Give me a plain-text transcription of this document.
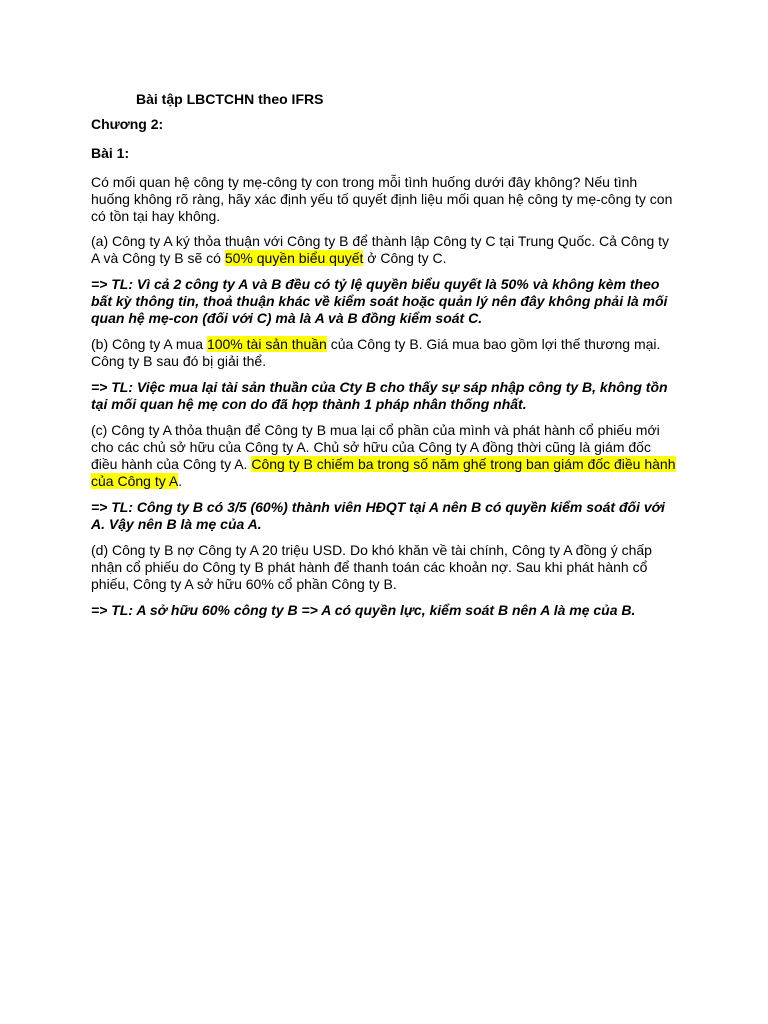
Bài tập LBCTCHN theo IFRS
Chương 2:
Bài 1:

Có mối quan hệ công ty mẹ-công ty con trong mỗi tình huống dưới đây không? Nếu tình huống không rõ ràng, hãy xác định yếu tố quyết định liệu mối quan hệ công ty mẹ-công ty con có tồn tại hay không.

(a) Công ty A ký thỏa thuận với Công ty B để thành lập Công ty C tại Trung Quốc. Cả Công ty A và Công ty B sẽ có 50% quyền biểu quyết ở Công ty C.

=> TL: Vì cả 2 công ty A và B đều có tỷ lệ quyền biểu quyết là 50% và không kèm theo bất kỳ thông tin, thoả thuận khác về kiểm soát hoặc quản lý nên đây không phải là mối quan hệ mẹ-con (đối với C) mà là A và B đồng kiểm soát C.

(b) Công ty A mua 100% tài sản thuần của Công ty B. Giá mua bao gồm lợi thế thương mại. Công ty B sau đó bị giải thể.

=> TL: Việc mua lại tài sản thuần của Cty B cho thấy sự sáp nhập công ty B, không tồn tại mối quan hệ mẹ con do đã hợp thành 1 pháp nhân thống nhất.

(c) Công ty A thỏa thuận để Công ty B mua lại cổ phần của mình và phát hành cổ phiếu mới cho các chủ sở hữu của Công ty A. Chủ sở hữu của Công ty A đồng thời cũng là giám đốc điều hành của Công ty A. Công ty B chiếm ba trong số năm ghế trong ban giám đốc điều hành của Công ty A.

=> TL: Công ty B có 3/5 (60%) thành viên HĐQT tại A nên B có quyền kiểm soát đối với A. Vậy nên B là mẹ của A.

(d) Công ty B nợ Công ty A 20 triệu USD. Do khó khăn về tài chính, Công ty A đồng ý chấp nhận cổ phiếu do Công ty B phát hành để thanh toán các khoản nợ. Sau khi phát hành cổ phiếu, Công ty A sở hữu 60% cổ phần Công ty B.

=> TL: A sở hữu 60% công ty B => A có quyền lực, kiểm soát B nên A là mẹ của B.
